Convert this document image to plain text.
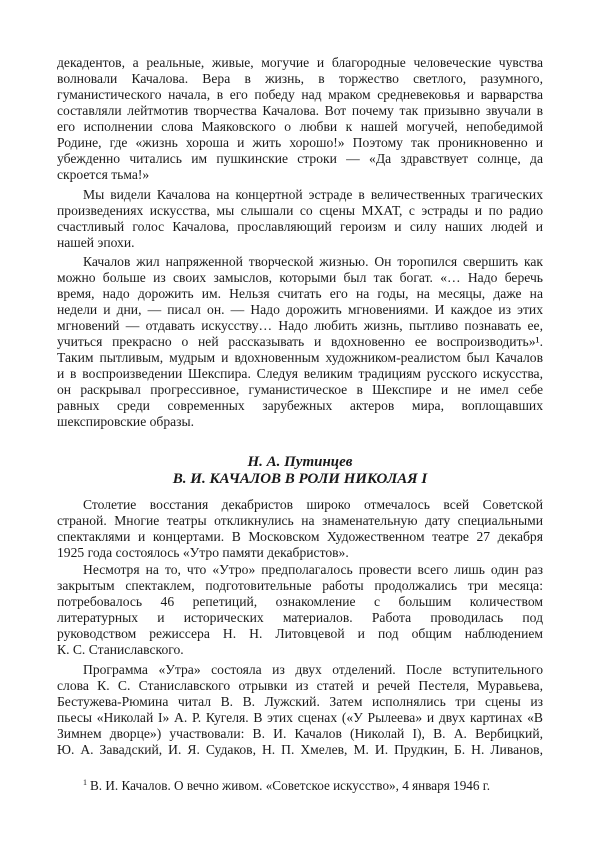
декадентов, а реальные, живые, могучие и благородные человеческие чувства
волновали Качалова. Вера в жизнь, в торжество светлого, разумного,
гуманистического начала, в его победу над мраком средневековья и варварства
составляли лейтмотив творчества Качалова. Вот почему так призывно звучали в
его исполнении слова Маяковского о любви к нашей могучей, непобедимой
Родине, где «жизнь хороша и жить хорошо!» Поэтому так проникновенно и
убежденно читались им пушкинские строки — «Да здравствует солнце, да
скроется тьма!»
Мы видели Качалова на концертной эстраде в величественных трагических
произведениях искусства, мы слышали со сцены МХАТ, с эстрады и по радио
счастливый голос Качалова, прославляющий героизм и силу наших людей и
нашей эпохи.
Качалов жил напряженной творческой жизнью. Он торопился свершить как
можно больше из своих замыслов, которыми был так богат. «… Надо беречь
время, надо дорожить им. Нельзя считать его на годы, на месяцы, даже на
недели и дни, — писал он. — Надо дорожить мгновениями. И каждое из этих
мгновений — отдавать искусству… Надо любить жизнь, пытливо познавать ее,
учиться прекрасно о ней рассказывать и вдохновенно ее воспроизводить»¹.
Таким пытливым, мудрым и вдохновенным художником-реалистом был Качалов
и в воспроизведении Шекспира. Следуя великим традициям русского искусства,
он раскрывал прогрессивное, гуманистическое в Шекспире и не имел себе
равных среди современных зарубежных актеров мира, воплощавших
шекспировские образы.
Н. А. Путинцев
В. И. КАЧАЛОВ В РОЛИ НИКОЛАЯ I
Столетие восстания декабристов широко отмечалось всей Советской
страной. Многие театры откликнулись на знаменательную дату специальными
спектаклями и концертами. В Московском Художественном театре 27 декабря
1925 года состоялось «Утро памяти декабристов».
Несмотря на то, что «Утро» предполагалось провести всего лишь один раз
закрытым спектаклем, подготовительные работы продолжались три месяца:
потребовалось 46 репетиций, ознакомление с большим количеством
литературных и исторических материалов. Работа проводилась под
руководством режиссера Н. Н. Литовцевой и под общим наблюдением
К. С. Станиславского.
Программа «Утра» состояла из двух отделений. После вступительного
слова К. С. Станиславского отрывки из статей и речей Пестеля, Муравьева,
Бестужева-Рюмина читал В. В. Лужский. Затем исполнялись три сцены из
пьесы «Николай I» А. Р. Кугеля. В этих сценах («У Рылеева» и двух картинах «В
Зимнем дворце») участвовали: В. И. Качалов (Николай I), В. А. Вербицкий,
Ю. А. Завадский, И. Я. Судаков, Н. П. Хмелев, М. И. Прудкин, Б. Н. Ливанов,
$^1$ В. И. Качалов. О вечно живом. «Советское искусство», 4 января 1946 г.
